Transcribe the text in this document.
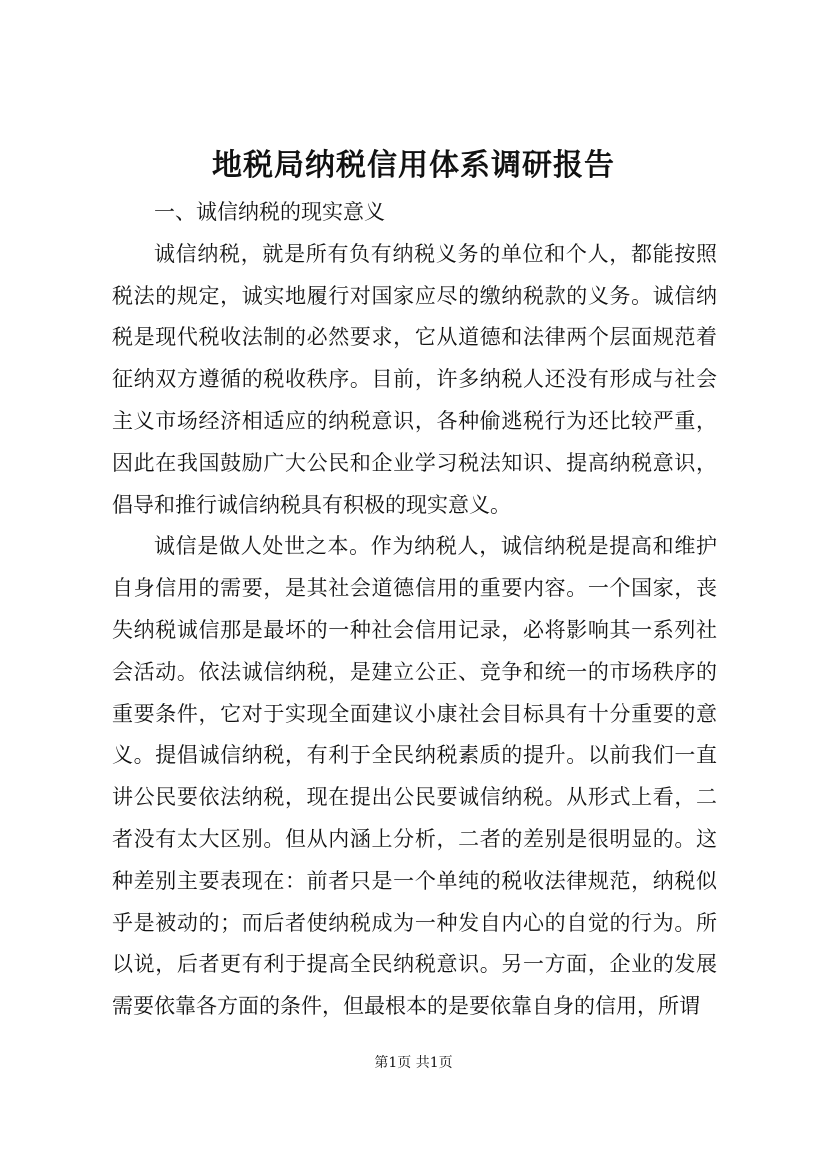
地税局纳税信用体系调研报告

一、诚信纳税的现实意义

诚信纳税，就是所有负有纳税义务的单位和个人，都能按照税法的规定，诚实地履行对国家应尽的缴纳税款的义务。诚信纳税是现代税收法制的必然要求，它从道德和法律两个层面规范着征纳双方遵循的税收秩序。目前，许多纳税人还没有形成与社会主义市场经济相适应的纳税意识，各种偷逃税行为还比较严重，因此在我国鼓励广大公民和企业学习税法知识、提高纳税意识，倡导和推行诚信纳税具有积极的现实意义。

诚信是做人处世之本。作为纳税人，诚信纳税是提高和维护自身信用的需要，是其社会道德信用的重要内容。一个国家，丧失纳税诚信那是最坏的一种社会信用记录，必将影响其一系列社会活动。依法诚信纳税，是建立公正、竞争和统一的市场秩序的重要条件，它对于实现全面建议小康社会目标具有十分重要的意义。提倡诚信纳税，有利于全民纳税素质的提升。以前我们一直讲公民要依法纳税，现在提出公民要诚信纳税。从形式上看，二者没有太大区别。但从内涵上分析，二者的差别是很明显的。这种差别主要表现在：前者只是一个单纯的税收法律规范，纳税似乎是被动的；而后者使纳税成为一种发自内心的自觉的行为。所以说，后者更有利于提高全民纳税意识。另一方面，企业的发展需要依靠各方面的条件，但最根本的是要依靠自身的信用，所谓

第1页 共1页
